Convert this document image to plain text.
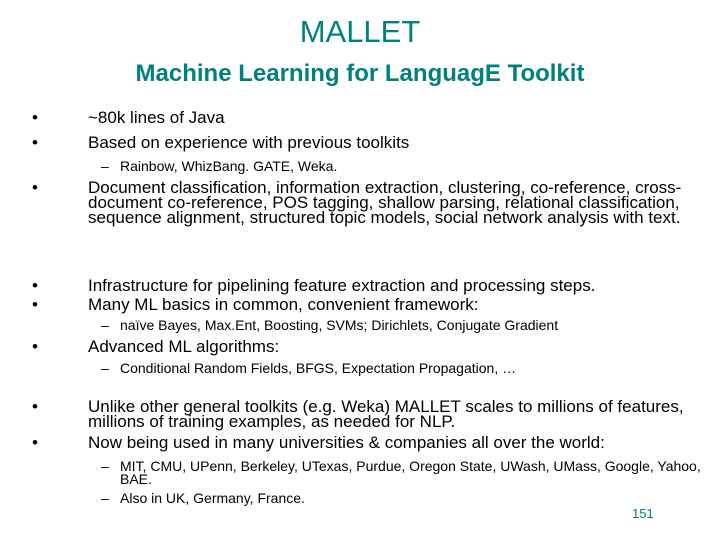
MALLET
Machine Learning for LanguagE Toolkit
• ~80k lines of Java
• Based on experience with previous toolkits
– Rainbow, WhizBang. GATE, Weka.
• Document classification, information extraction, clustering, co-reference, cross-document co-reference, POS tagging, shallow parsing, relational classification, sequence alignment, structured topic models, social network analysis with text.
• Infrastructure for pipelining feature extraction and processing steps.
• Many ML basics in common, convenient framework:
– naïve Bayes, Max.Ent, Boosting, SVMs; Dirichlets, Conjugate Gradient
• Advanced ML algorithms:
– Conditional Random Fields, BFGS, Expectation Propagation, …
• Unlike other general toolkits (e.g. Weka) MALLET scales to millions of features, millions of training examples, as needed for NLP.
• Now being used in many universities & companies all over the world:
– MIT, CMU, UPenn, Berkeley, UTexas, Purdue, Oregon State, UWash, UMass, Google, Yahoo, BAE.
– Also in UK, Germany, France.
151
